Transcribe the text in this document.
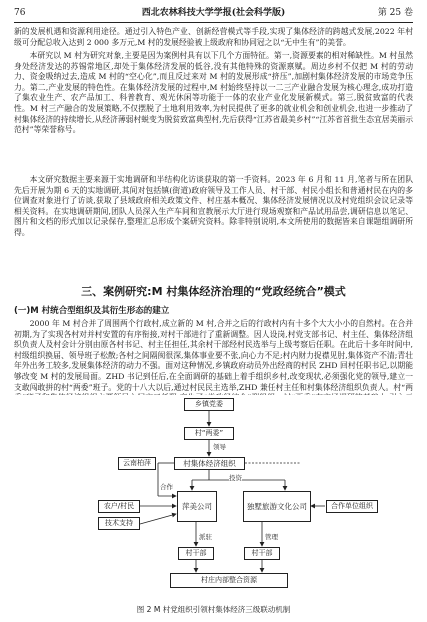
76	西北农林科技大学学报(社会科学版)	第 25 卷

新的发展机遇和资源利用途径。通过引入特色产业、创新经营模式等手段,实现了集体经济的跨越式发展,2022 年村级可分配总收入达到 2 000 多万元,M 村的发展经验被上级政府和协同冠之以“无中生有”的美誉。

本研究以 M 村为研究对象,主要是因为案例村具有以下几个方面特征。第一,资源要素的相对稀缺性。M 村虽然身处经济发达的苏锡常地区,却处于集体经济发展的低谷,没有其他特殊的资源禀赋。周边乡村不仅把 M 村的劳动力、资金吸纳过去,造成 M 村的“空心化”,而且反过来对 M 村的发展形成“挤压”,加剧村集体经济发展的市场竞争压力。第二,产业发展的特色性。在集体经济发展的过程中,M 村始终坚持以一二三产业融合发展为核心理念,成功打造了集农业生产、农产品加工、科普教育、观光休闲等功能于一体的农业产业化发展新模式。第三,脱贫致富的代表性。M 村三产融合的发展策略,不仅摆脱了土地利用效率,为村民提供了更多的就业机会和创业机会,也进一步推动了村集体经济的持续增长,从经济薄弱村蜕变为脱贫致富典型村,先后获得“江苏省最美乡村”“江苏省首批生态宜居美丽示范村”等荣誉称号。

本文研究数据主要来源于实地调研和半结构化访谈获取的第一手资料。2023 年 6 月和 11 月,笔者与所在团队先后开展为期 6 天的实地调研,其间对包括镇(街道)政府领导及工作人员、村干部、村民小组长和普通村民在内的多位调查对象进行了访谈,获取了县域政府相关政策文件、村庄基本概况、集体经济发展情况以及村党组织会议记录等相关资料。在实地调研期间,团队人员深入生产车间和宣教展示大厅进行现场观察和产品试用品尝,调研信息以笔记、图片和文档的形式加以记录保存,整理汇总形成个案研究资料。除非特别说明,本文所使用的数据皆来自课题组调研所得。

三、案例研究:M 村集体经济治理的“党政经统合”模式
(一)M 村统合型组织及其衍生形态的建立

2000 年 M 村合并了周围两个行政村,成立新的 M 村,合并之后的行政村内有十多个大大小小的自然村。在合并初期,为了实现各村对并村安置的有序衔接,对村干部进行了重新调整。因人设岗,村党支部书记、村主任、集体经济组织负责人及村会计分别由原各村书记、村主任担任,其余村干部经村民选举与上级考察后任职。在此后十多年时间中,村级组织换届、领导班子松散;各村之间隔阂很深,集体事业要不张,向心力不足;村内财力捉襟见肘,集体资产不清;青壮年外出务工较多,发展集体经济的动力不强。面对这种情况,乡镇政府动员外出经商的村民 ZHD 回村任职书记,以期能够改变 M 村的发展局面。ZHD 书记到任后,在全面调研的基础上着手组织乡村,改变现状,必须强化党的领导,建立一支敢闯敢拼的村“两委”班子。党的十八大以后,通过村民民主选举,ZHD 兼任村主任和村集体经济组织负责人。村“两

乡镇党委
村“两委”
村集体经济组织
云南柏萍
萍美公司	独墅旅游文化公司
农户/村民
技术支持
合作单位组织
村干部	村干部
村庄内部整合资源
合作
领导
投资
派驻	管理
图 2 M 村党组织引领村集体经济三级联动机制
